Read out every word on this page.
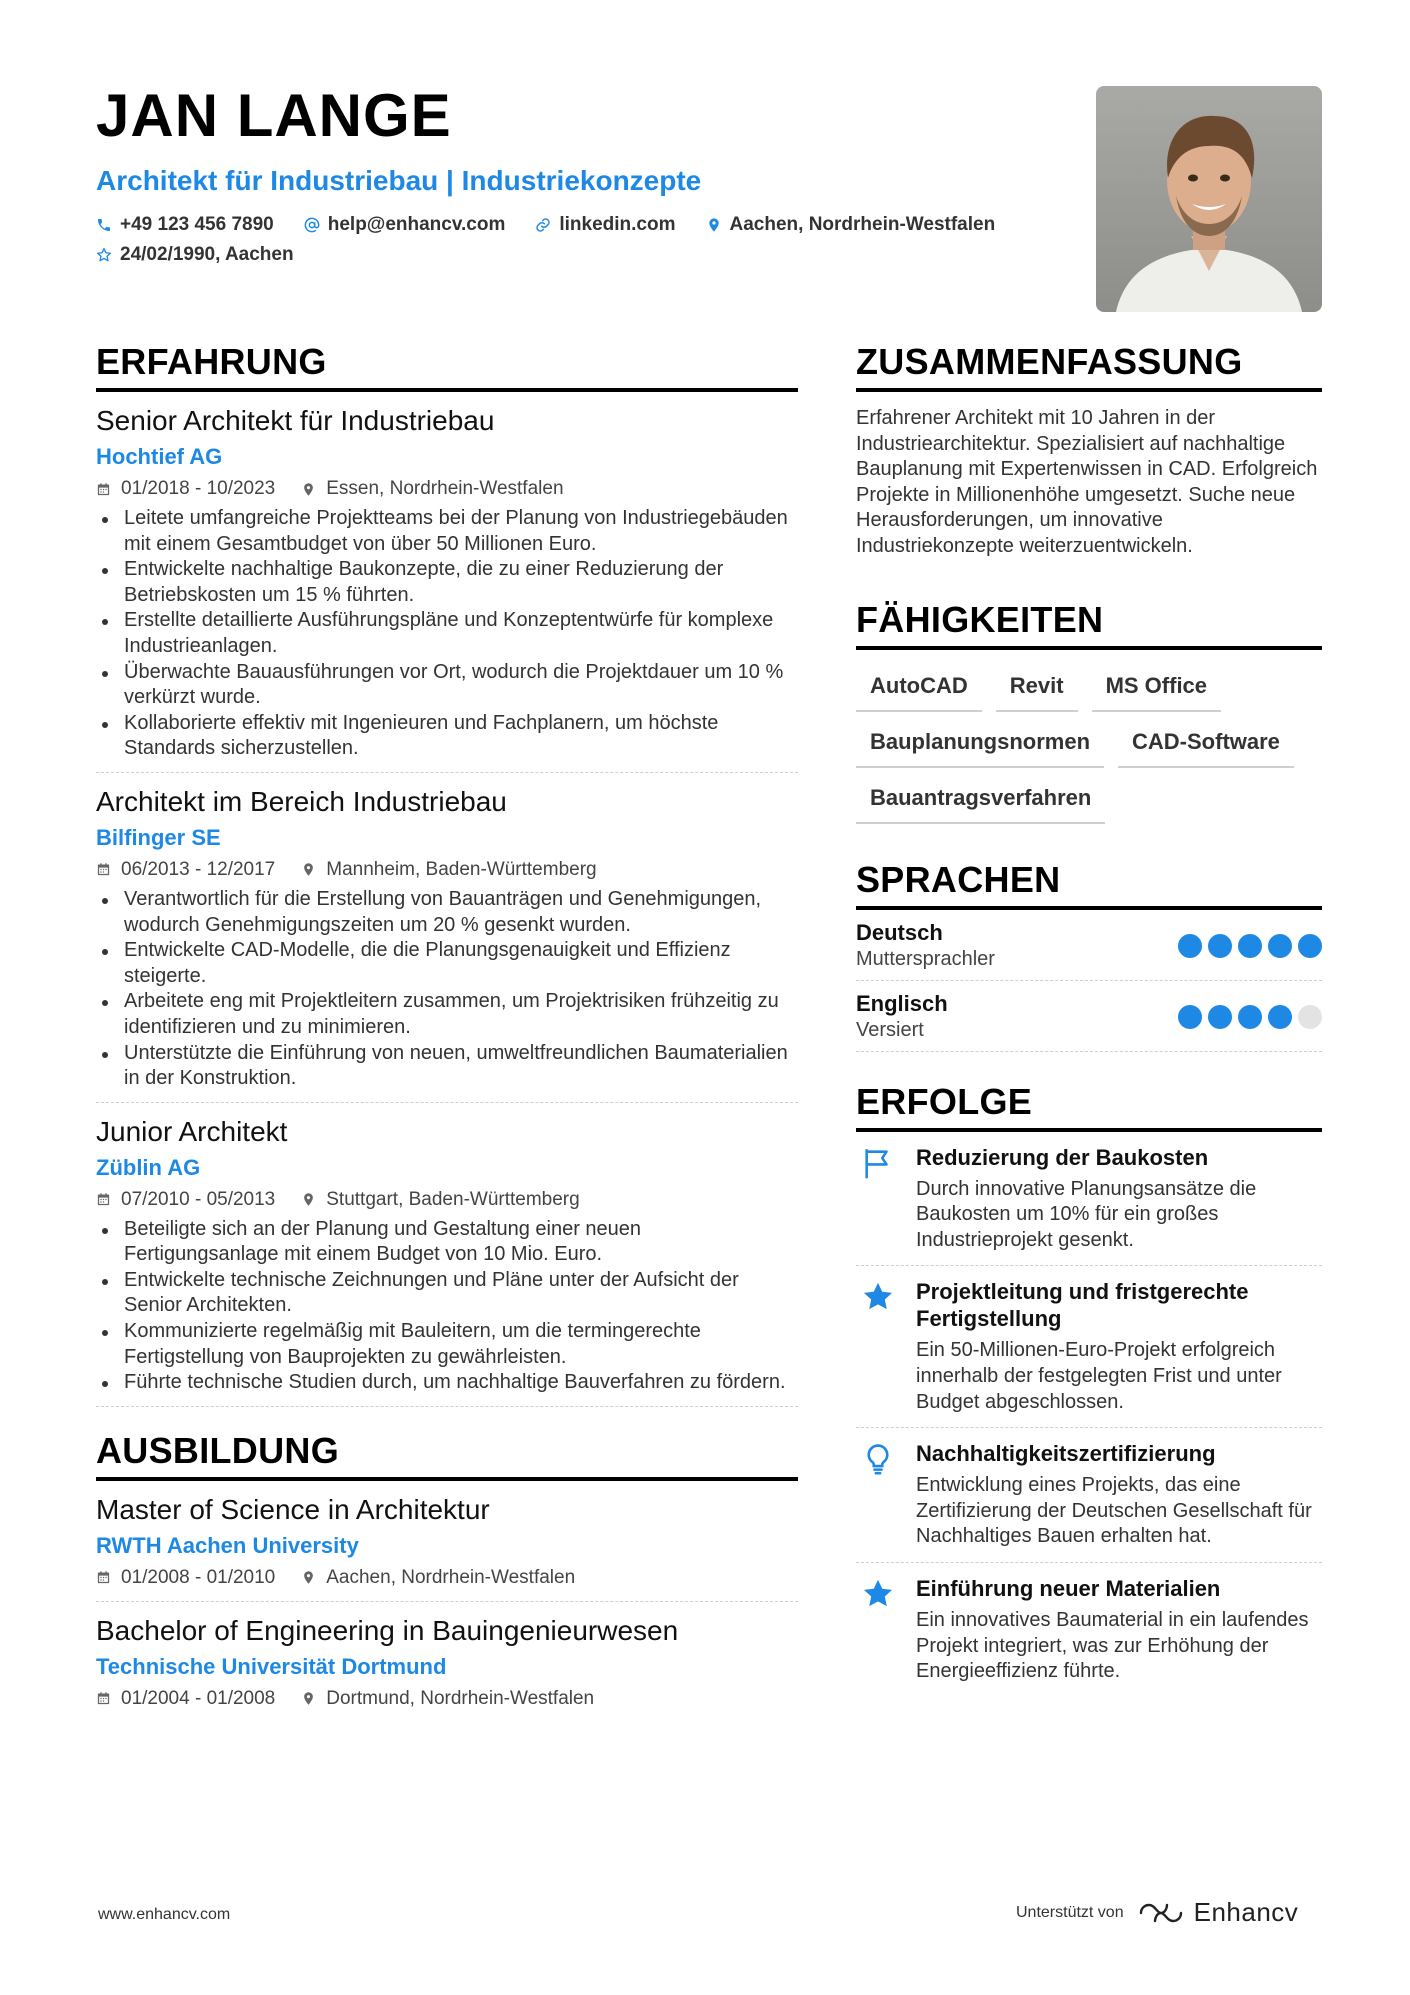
JAN LANGE
Architekt für Industriebau | Industriekonzepte
+49 123 456 7890	help@enhancv.com	linkedin.com	Aachen, Nordrhein-Westfalen
24/02/1990, Aachen
ERFAHRUNG
Senior Architekt für Industriebau
Hochtief AG
01/2018 - 10/2023	Essen, Nordrhein-Westfalen
Leitete umfangreiche Projektteams bei der Planung von Industriegebäuden mit einem Gesamtbudget von über 50 Millionen Euro.
Entwickelte nachhaltige Baukonzepte, die zu einer Reduzierung der Betriebskosten um 15 % führten.
Erstellte detaillierte Ausführungspläne und Konzeptentwürfe für komplexe Industrieanlagen.
Überwachte Bauausführungen vor Ort, wodurch die Projektdauer um 10 % verkürzt wurde.
Kollaborierte effektiv mit Ingenieuren und Fachplanern, um höchste Standards sicherzustellen.
Architekt im Bereich Industriebau
Bilfinger SE
06/2013 - 12/2017	Mannheim, Baden-Württemberg
Verantwortlich für die Erstellung von Bauanträgen und Genehmigungen, wodurch Genehmigungszeiten um 20 % gesenkt wurden.
Entwickelte CAD-Modelle, die die Planungsgenauigkeit und Effizienz steigerte.
Arbeitete eng mit Projektleitern zusammen, um Projektrisiken frühzeitig zu identifizieren und zu minimieren.
Unterstützte die Einführung von neuen, umweltfreundlichen Baumaterialien in der Konstruktion.
Junior Architekt
Züblin AG
07/2010 - 05/2013	Stuttgart, Baden-Württemberg
Beteiligte sich an der Planung und Gestaltung einer neuen Fertigungsanlage mit einem Budget von 10 Mio. Euro.
Entwickelte technische Zeichnungen und Pläne unter der Aufsicht der Senior Architekten.
Kommunizierte regelmäßig mit Bauleitern, um die termingerechte Fertigstellung von Bauprojekten zu gewährleisten.
Führte technische Studien durch, um nachhaltige Bauverfahren zu fördern.
AUSBILDUNG
Master of Science in Architektur
RWTH Aachen University
01/2008 - 01/2010	Aachen, Nordrhein-Westfalen
Bachelor of Engineering in Bauingenieurwesen
Technische Universität Dortmund
01/2004 - 01/2008	Dortmund, Nordrhein-Westfalen
ZUSAMMENFASSUNG
Erfahrener Architekt mit 10 Jahren in der Industriearchitektur. Spezialisiert auf nachhaltige Bauplanung mit Expertenwissen in CAD. Erfolgreich Projekte in Millionenhöhe umgesetzt. Suche neue Herausforderungen, um innovative Industriekonzepte weiterzuentwickeln.
FÄHIGKEITEN
AutoCAD	Revit	MS Office
Bauplanungsnormen	CAD-Software
Bauantragsverfahren
SPRACHEN
Deutsch
Muttersprachler
Englisch
Versiert
ERFOLGE
Reduzierung der Baukosten
Durch innovative Planungsansätze die Baukosten um 10% für ein großes Industrieprojekt gesenkt.
Projektleitung und fristgerechte Fertigstellung
Ein 50-Millionen-Euro-Projekt erfolgreich innerhalb der festgelegten Frist und unter Budget abgeschlossen.
Nachhaltigkeitszertifizierung
Entwicklung eines Projekts, das eine Zertifizierung der Deutschen Gesellschaft für Nachhaltiges Bauen erhalten hat.
Einführung neuer Materialien
Ein innovatives Baumaterial in ein laufendes Projekt integriert, was zur Erhöhung der Energieeffizienz führte.
www.enhancv.com	Unterstützt von	Enhancv
